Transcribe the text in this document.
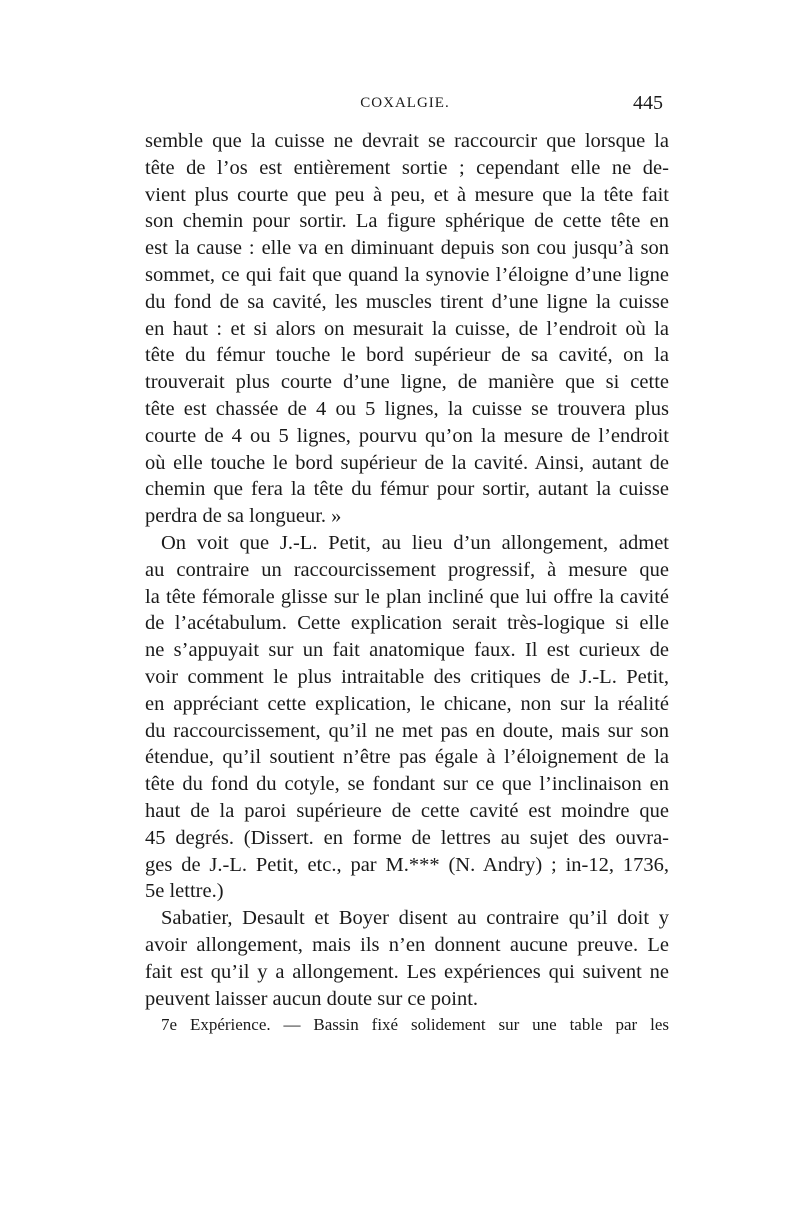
COXALGIE.	445
semble que la cuisse ne devrait se raccourcir que lorsque la
tête de l’os est entièrement sortie ; cependant elle ne de-
vient plus courte que peu à peu, et à mesure que la tête fait
son chemin pour sortir. La figure sphérique de cette tête en
est la cause : elle va en diminuant depuis son cou jusqu’à son
sommet, ce qui fait que quand la synovie l’éloigne d’une ligne
du fond de sa cavité, les muscles tirent d’une ligne la cuisse
en haut : et si alors on mesurait la cuisse, de l’endroit où la
tête du fémur touche le bord supérieur de sa cavité, on la
trouverait plus courte d’une ligne, de manière que si cette
tête est chassée de 4 ou 5 lignes, la cuisse se trouvera plus
courte de 4 ou 5 lignes, pourvu qu’on la mesure de l’endroit
où elle touche le bord supérieur de la cavité. Ainsi, autant de
chemin que fera la tête du fémur pour sortir, autant la cuisse
perdra de sa longueur. »
On voit que J.-L. Petit, au lieu d’un allongement, admet
au contraire un raccourcissement progressif, à mesure que
la tête fémorale glisse sur le plan incliné que lui offre la cavité
de l’acétabulum. Cette explication serait très-logique si elle
ne s’appuyait sur un fait anatomique faux. Il est curieux de
voir comment le plus intraitable des critiques de J.-L. Petit,
en appréciant cette explication, le chicane, non sur la réalité
du raccourcissement, qu’il ne met pas en doute, mais sur son
étendue, qu’il soutient n’être pas égale à l’éloignement de la
tête du fond du cotyle, se fondant sur ce que l’inclinaison en
haut de la paroi supérieure de cette cavité est moindre que
45 degrés. (Dissert. en forme de lettres au sujet des ouvra-
ges de J.-L. Petit, etc., par M.*** (N. Andry) ; in-12, 1736,
5e lettre.)
Sabatier, Desault et Boyer disent au contraire qu’il doit y
avoir allongement, mais ils n’en donnent aucune preuve. Le
fait est qu’il y a allongement. Les expériences qui suivent ne
peuvent laisser aucun doute sur ce point.
7e Expérience. — Bassin fixé solidement sur une table par les
